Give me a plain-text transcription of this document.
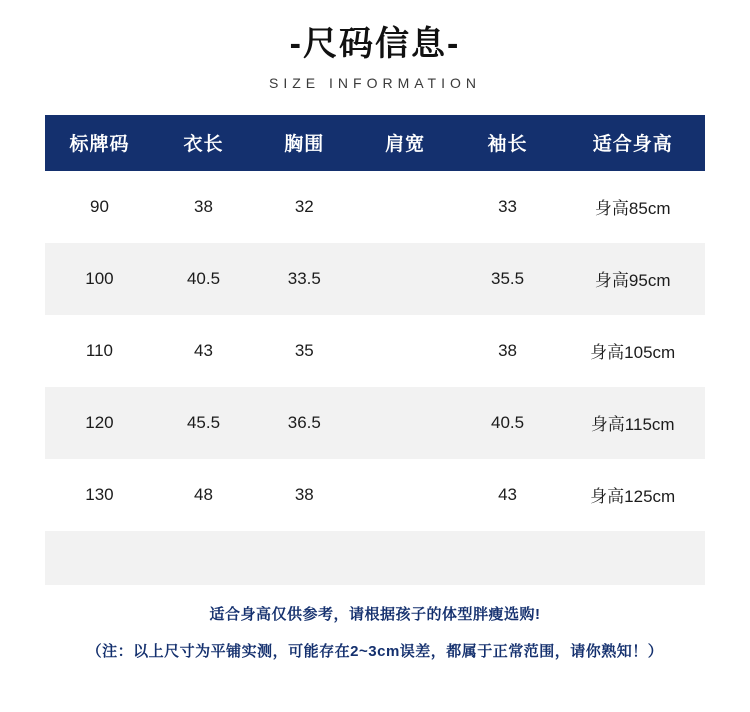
-尺码信息-
SIZE INFORMATION
标牌码	衣长	胸围	肩宽	袖长	适合身高
90	38	32		33	身高85cm
100	40.5	33.5		35.5	身高95cm
110	43	35		38	身高105cm
120	45.5	36.5		40.5	身高115cm
130	48	38		43	身高125cm

适合身高仅供参考，请根据孩子的体型胖瘦选购!
（注：以上尺寸为平铺实测，可能存在2~3cm误差，都属于正常范围，请你熟知！）
